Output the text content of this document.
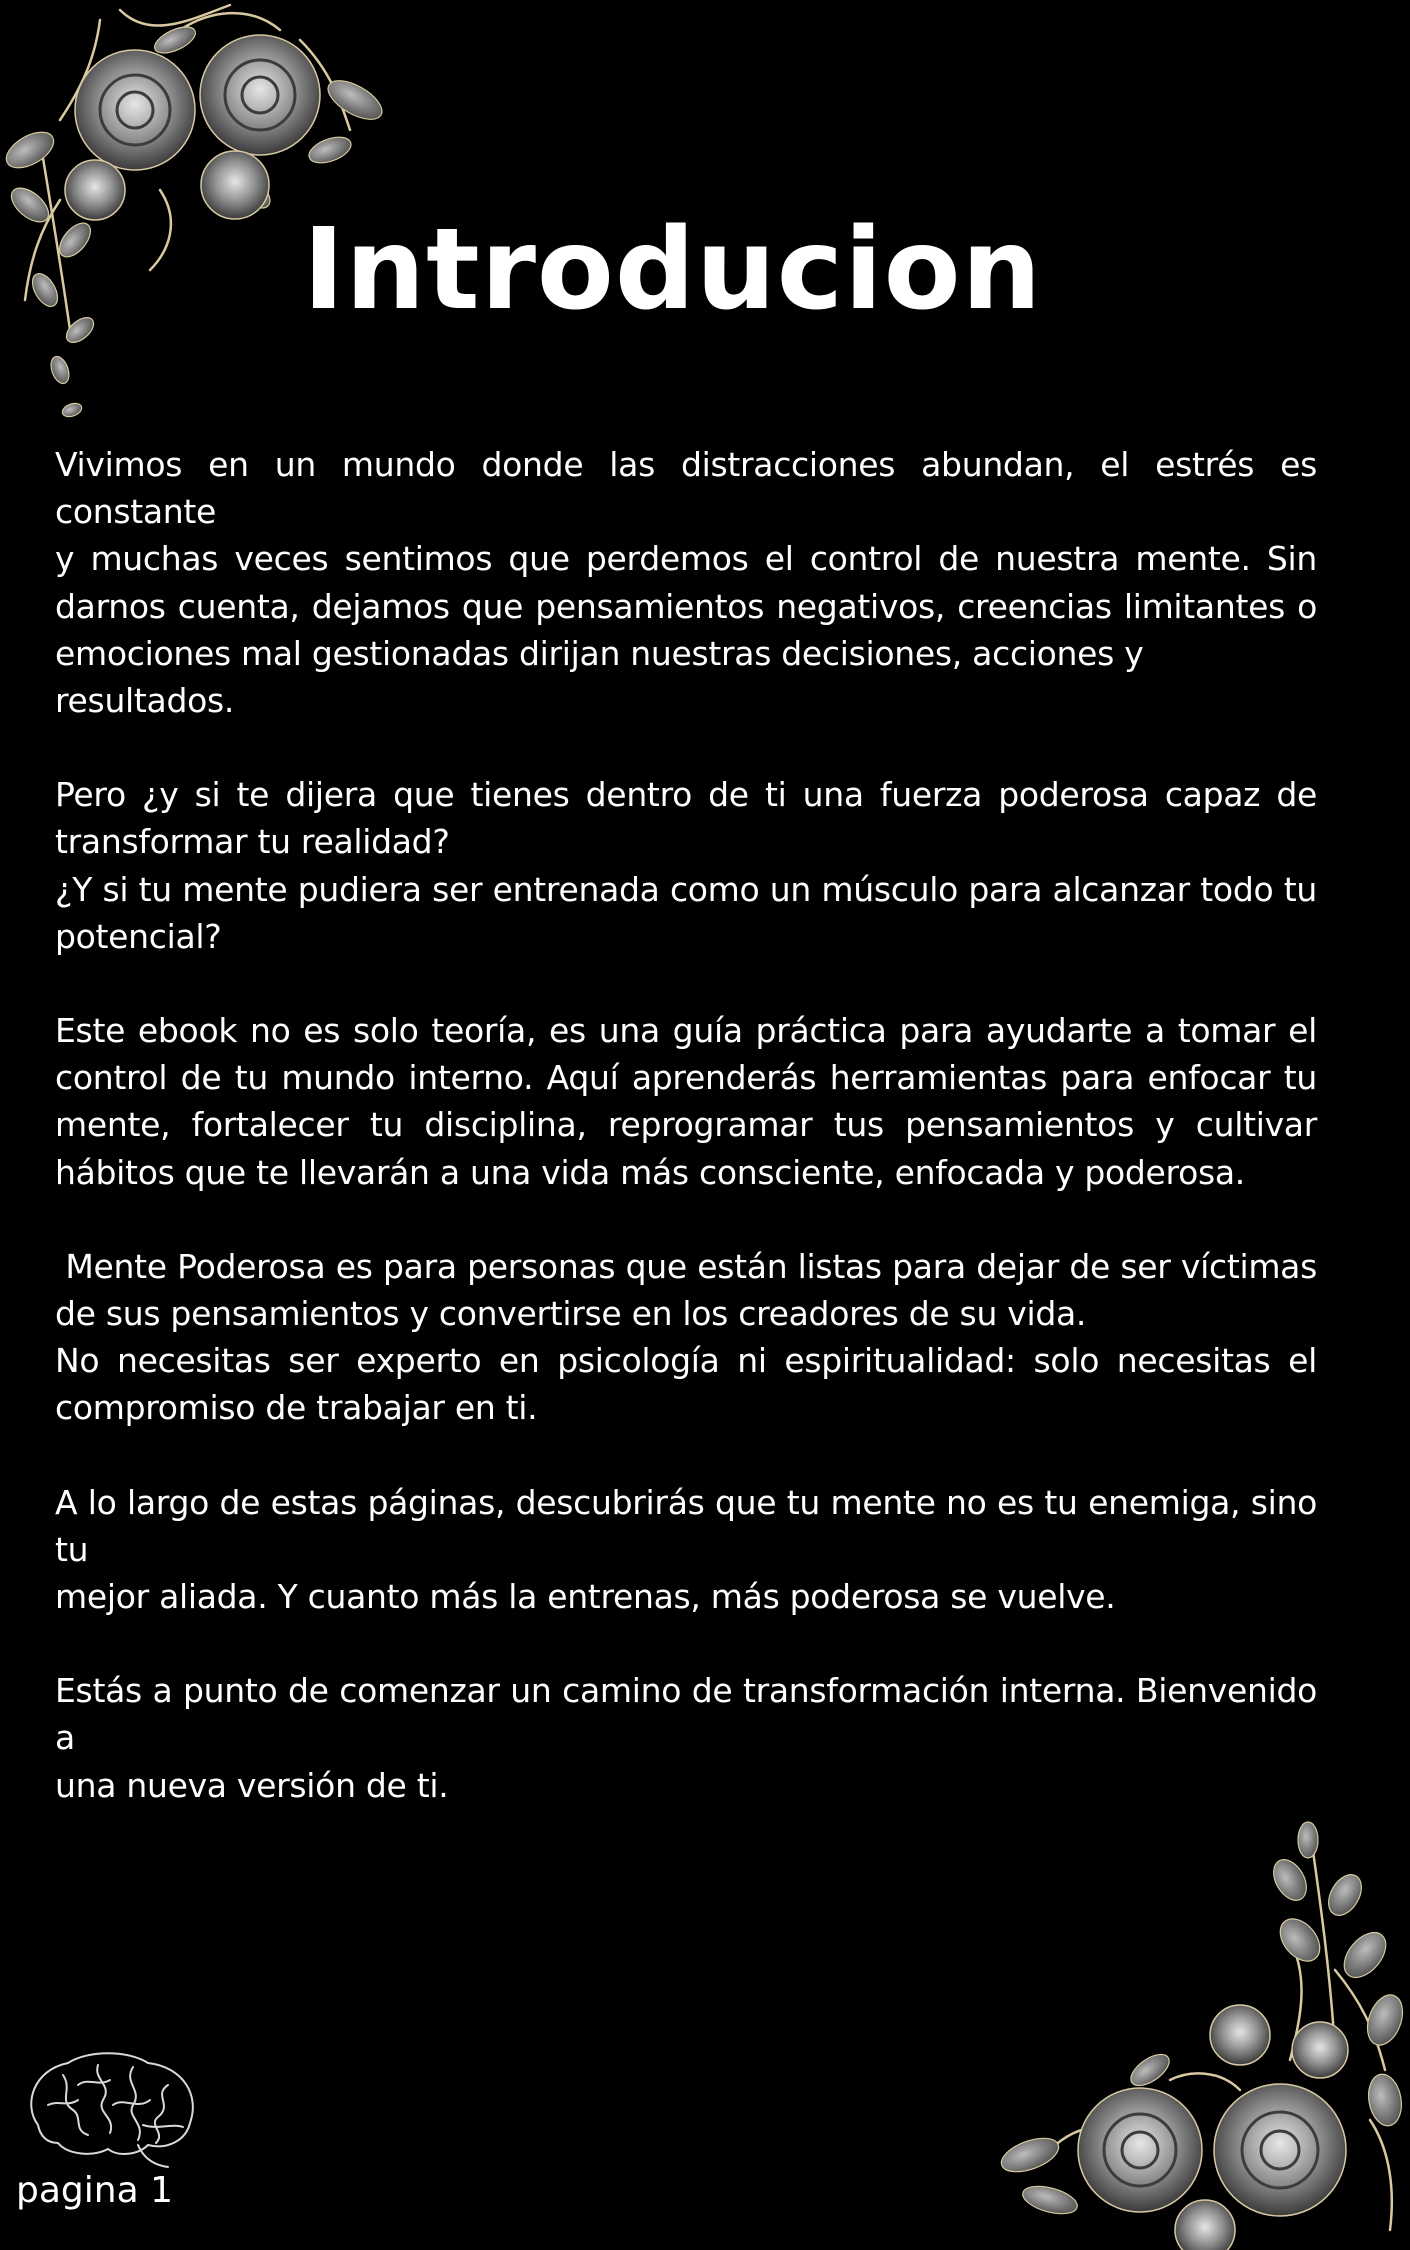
Introducion

Vivimos en un mundo donde las distracciones abundan, el estrés es constante
y muchas veces sentimos que perdemos el control de nuestra mente. Sin
darnos cuenta, dejamos que pensamientos negativos, creencias limitantes o
emociones mal gestionadas dirijan nuestras decisiones, acciones y resultados.

Pero ¿y si te dijera que tienes dentro de ti una fuerza poderosa capaz de
transformar tu realidad?
¿Y si tu mente pudiera ser entrenada como un músculo para alcanzar todo tu
potencial?

Este ebook no es solo teoría, es una guía práctica para ayudarte a tomar el
control de tu mundo interno. Aquí aprenderás herramientas para enfocar tu
mente, fortalecer tu disciplina, reprogramar tus pensamientos y cultivar
hábitos que te llevarán a una vida más consciente, enfocada y poderosa.

Mente Poderosa es para personas que están listas para dejar de ser víctimas
de sus pensamientos y convertirse en los creadores de su vida.
No necesitas ser experto en psicología ni espiritualidad: solo necesitas el
compromiso de trabajar en ti.

A lo largo de estas páginas, descubrirás que tu mente no es tu enemiga, sino tu
mejor aliada. Y cuanto más la entrenas, más poderosa se vuelve.

Estás a punto de comenzar un camino de transformación interna. Bienvenido a
una nueva versión de ti.

pagina 1
